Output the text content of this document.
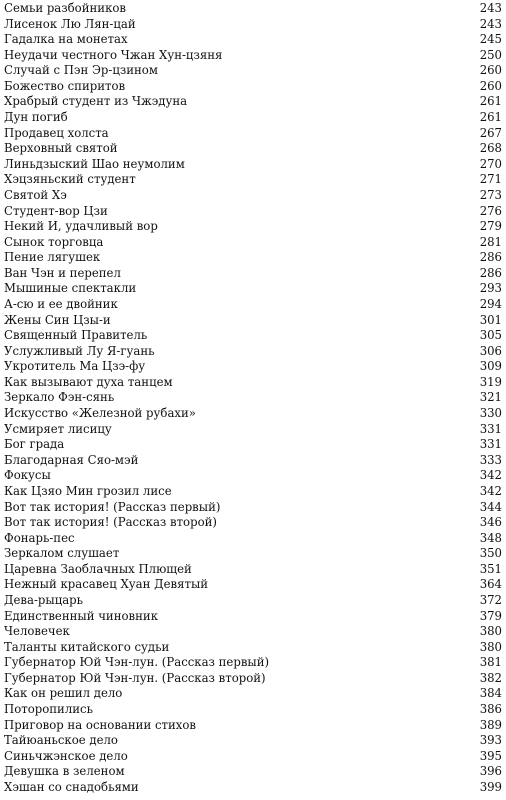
Семьи разбойников	243
Лисенок Лю Лян-цай	243
Гадалка на монетах	245
Неудачи честного Чжан Хун-цзяня	250
Случай с Пэн Эр-цзином	260
Божество спиритов	260
Храбрый студент из Чжэдуна	261
Дун погиб	261
Продавец холста	267
Верховный святой	268
Линьдзыский Шао неумолим	270
Хэцзяньский студент	271
Святой Хэ	273
Студент-вор Цзи	276
Некий И, удачливый вор	279
Сынок торговца	281
Пение лягушек	286
Ван Чэн и перепел	286
Мышиные спектакли	293
А-сю и ее двойник	294
Жены Син Цзы-и	301
Священный Правитель	305
Услужливый Лу Я-гуань	306
Укротитель Ма Цзэ-фу	309
Как вызывают духа танцем	319
Зеркало Фэн-сянь	321
Искусство «Железной рубахи»	330
Усмиряет лисицу	331
Бог града	331
Благодарная Сяо-мэй	333
Фокусы	342
Как Цзяо Мин грозил лисе	342
Вот так история! (Рассказ первый)	344
Вот так история! (Рассказ второй)	346
Фонарь-пес	348
Зеркалом слушает	350
Царевна Заоблачных Плющей	351
Нежный красавец Хуан Девятый	364
Дева-рыцарь	372
Единственный чиновник	379
Человечек	380
Таланты китайского судьи	380
Губернатор Юй Чэн-лун. (Рассказ первый)	381
Губернатор Юй Чэн-лун. (Рассказ второй)	382
Как он решил дело	384
Поторопились	386
Приговор на основании стихов	389
Тайюаньское дело	393
Синьчжэнское дело	395
Девушка в зеленом	396
Хэшан со снадобьями	399
